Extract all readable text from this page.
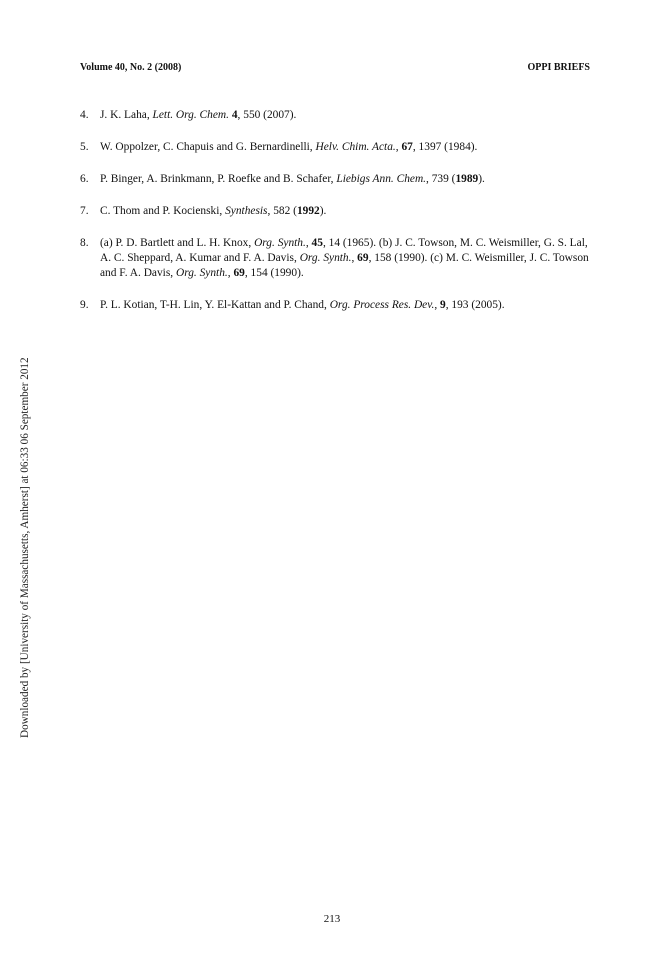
Volume 40, No. 2 (2008)	OPPI BRIEFS
4. J. K. Laha, Lett. Org. Chem. 4, 550 (2007).
5. W. Oppolzer, C. Chapuis and G. Bernardinelli, Helv. Chim. Acta., 67, 1397 (1984).
6. P. Binger, A. Brinkmann, P. Roefke and B. Schafer, Liebigs Ann. Chem., 739 (1989).
7. C. Thom and P. Kocienski, Synthesis, 582 (1992).
8. (a) P. D. Bartlett and L. H. Knox, Org. Synth., 45, 14 (1965). (b) J. C. Towson, M. C. Weismiller, G. S. Lal, A. C. Sheppard, A. Kumar and F. A. Davis, Org. Synth., 69, 158 (1990). (c) M. C. Weismiller, J. C. Towson and F. A. Davis, Org. Synth., 69, 154 (1990).
9. P. L. Kotian, T-H. Lin, Y. El-Kattan and P. Chand, Org. Process Res. Dev., 9, 193 (2005).
Downloaded by [University of Massachusetts, Amherst] at 06:33 06 September 2012
213
